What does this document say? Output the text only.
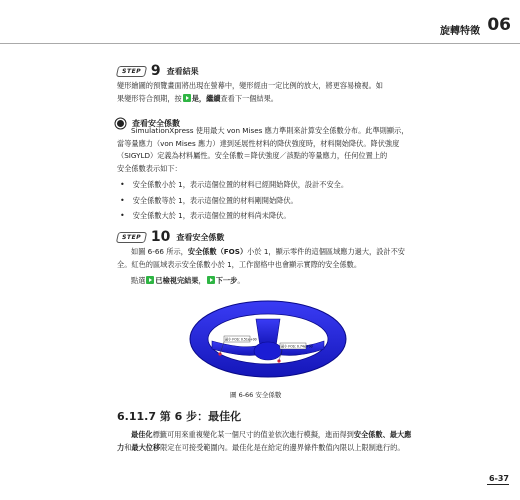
旋轉特徵 06
STEP 9 查看結果
變形繪圖的預覽畫面將出現在螢幕中，變形經由一定比例的放大，將更容易檢視。如
果變形符合預期，按 是，繼續查看下一個結果。
查看安全係數
SimulationXpress 使用最大 von Mises 應力準則來計算安全係數分布。此準則顯示，
當等量應力（von Mises 應力）達到延展性材料的降伏強度時，材料開始降伏。降伏強度
（SIGYLD）定義為材料屬性。安全係數＝降伏強度／該點的等量應力，任何位置上的
安全係數表示如下：
• 安全係數小於 1，表示這個位置的材料已經開始降伏，設計不安全。
• 安全係數等於 1，表示這個位置的材料剛開始降伏。
• 安全係數大於 1，表示這個位置的材料尚未降伏。
STEP 10 查看安全係數
如圖 6-66 所示，安全係數（FOS）小於 1，顯示零件的這個區域應力過大，設計不安
全。紅色的區域表示安全係數小於 1，工作窗格中也會顯示實際的安全係數。
點選 已檢視完結果， 下一步。
最小 FOS: 0.51e+00
最小 FOS: 0.74e+00
圖 6-66 安全係數
6.11.7 第 6 步：最佳化
最佳化標籤可用來重複變化某一個尺寸的值並依次進行模擬，進而得到安全係數、最大應
力和最大位移限定在可接受範圍內。最佳化是在給定的邊界條件數值內限以上限制進行的。
6-37
